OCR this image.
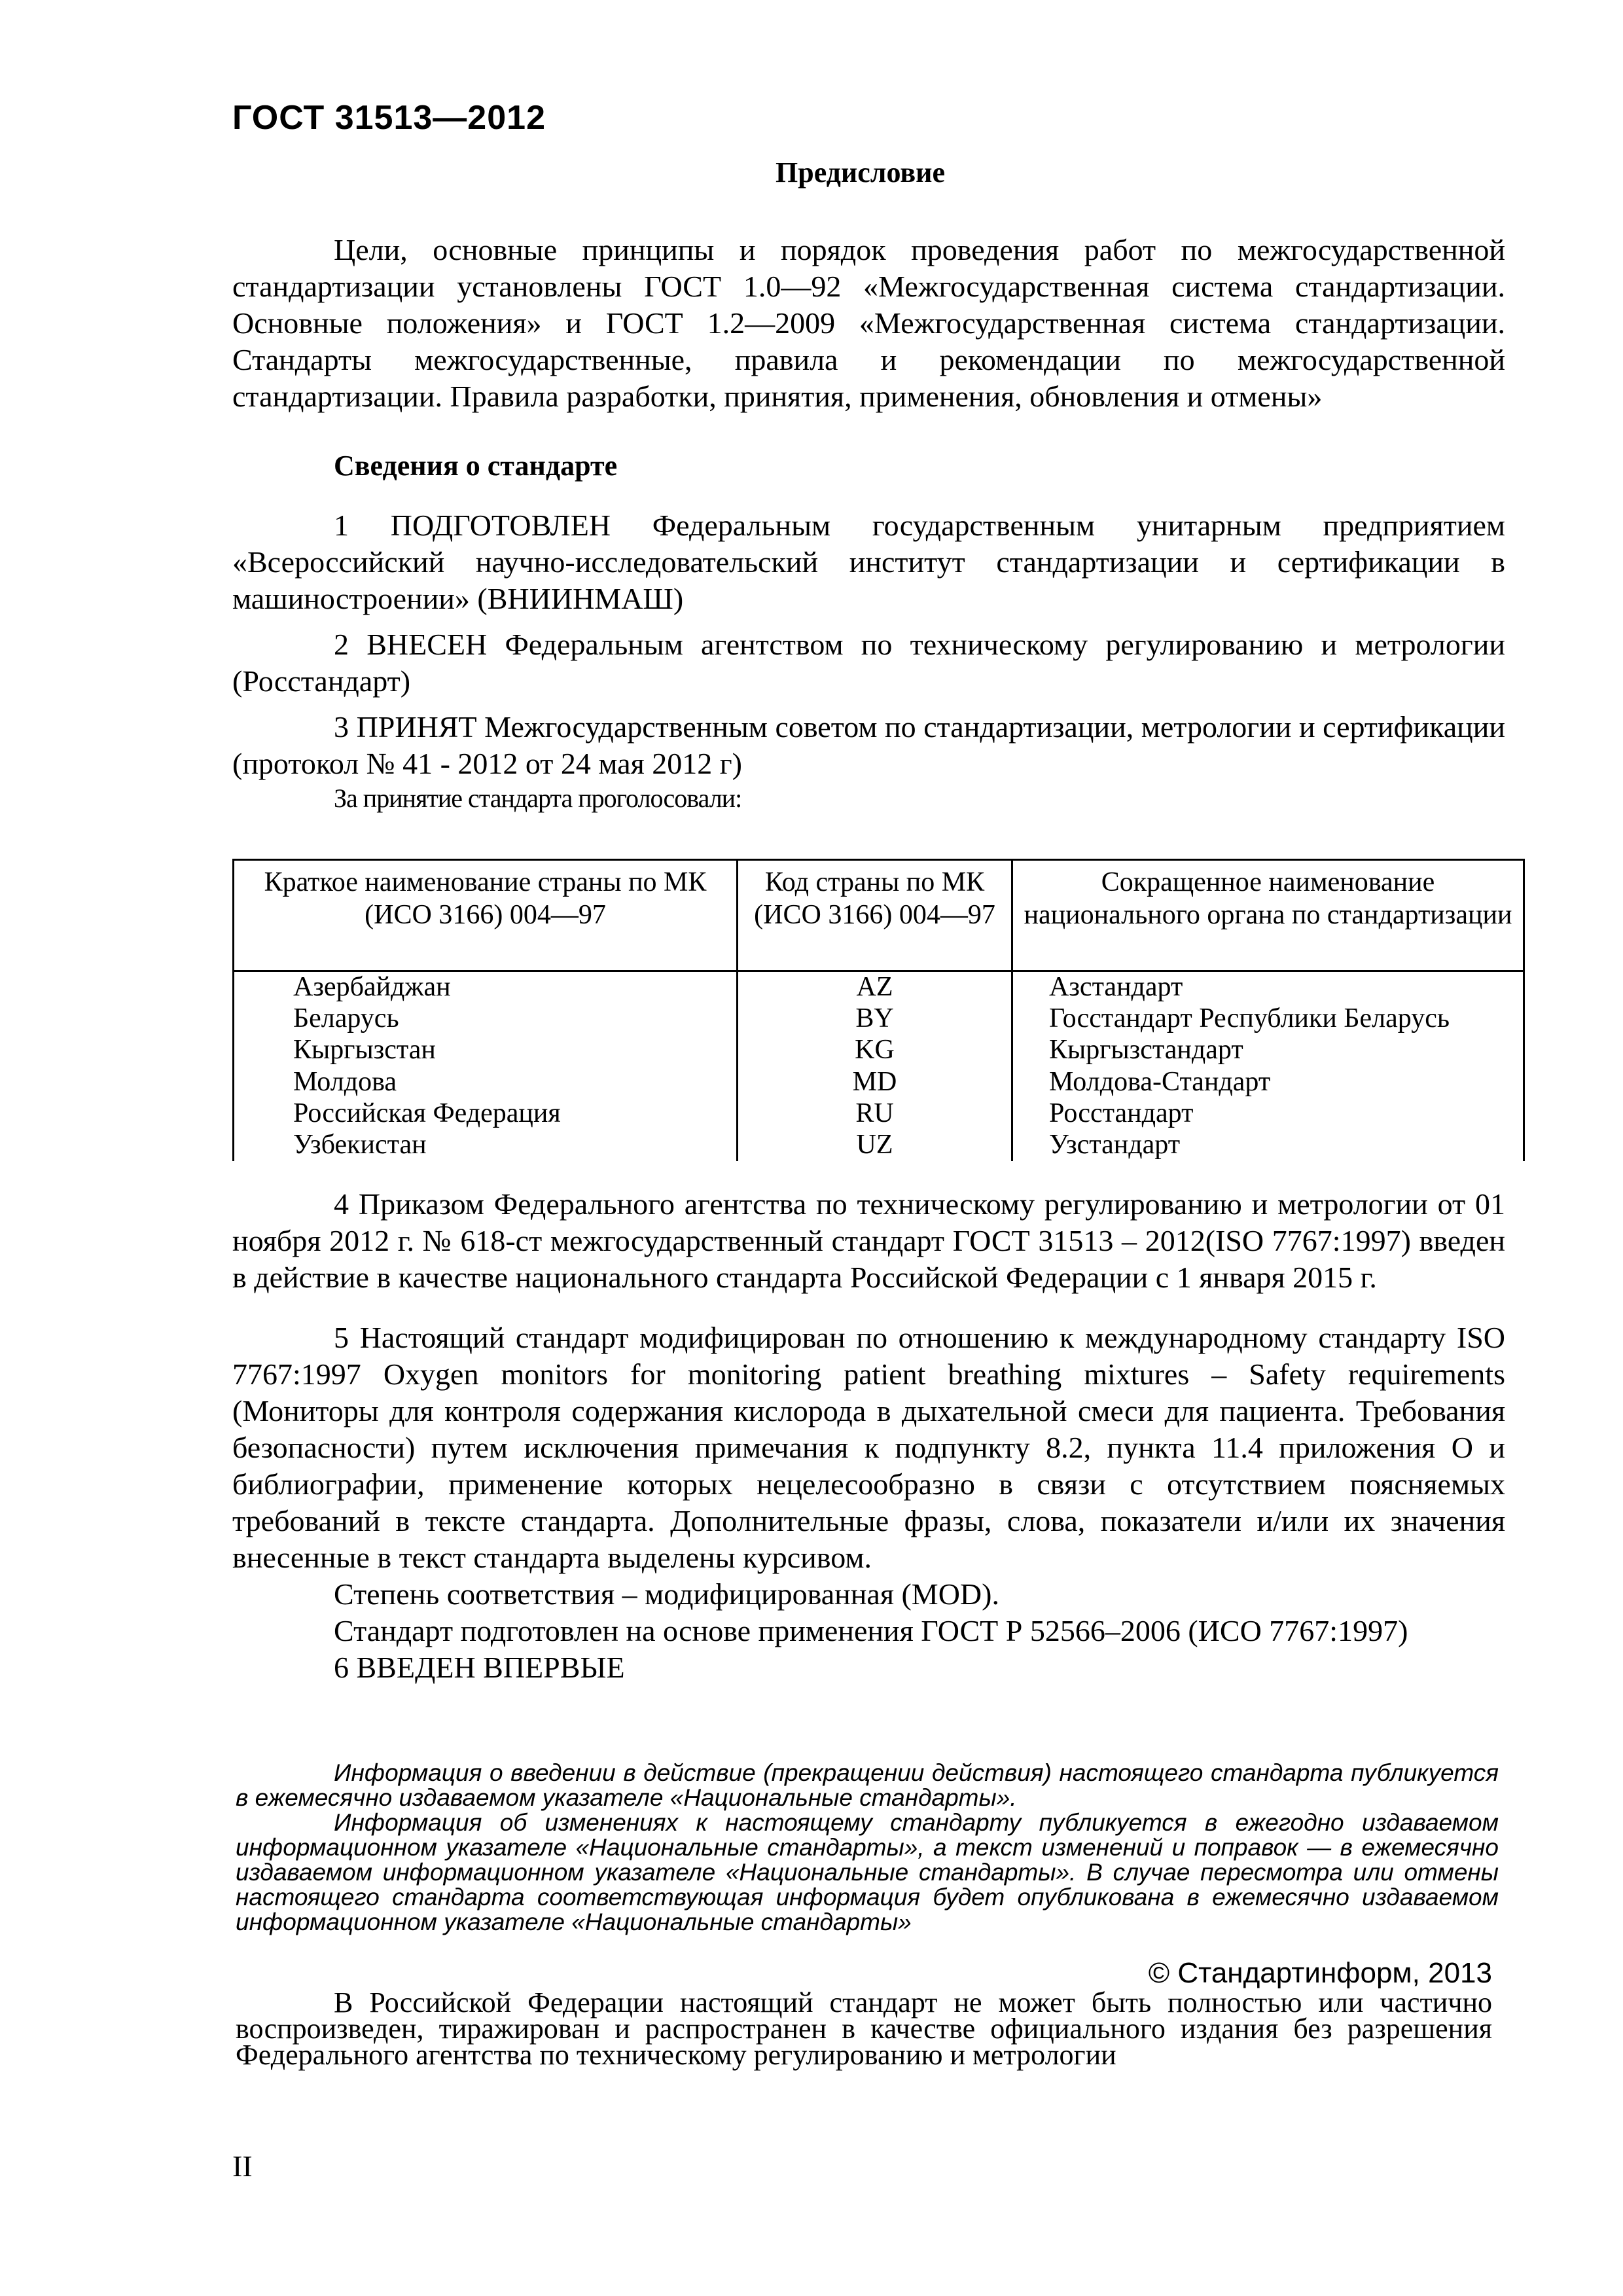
ГОСТ 31513—2012
Предисловие

Цели, основные принципы и порядок проведения работ по межгосударственной стандартизации установлены ГОСТ 1.0—92 «Межгосударственная система стандартизации. Основные положения» и ГОСТ 1.2—2009 «Межгосударственная система стандартизации. Стандарты межгосударственные, правила и рекомендации по межгосударственной стандартизации. Правила разработки, принятия, применения, обновления и отмены»

Сведения о стандарте

1 ПОДГОТОВЛЕН Федеральным государственным унитарным предприятием «Всероссийский научно-исследовательский институт стандартизации и сертификации в машиностроении» (ВНИИНМАШ)

2 ВНЕСЕН Федеральным агентством по техническому регулированию и метрологии (Росстандарт)

3 ПРИНЯТ Межгосударственным советом по стандартизации, метрологии и сертификации (протокол № 41 - 2012 от 24 мая 2012 г)

За принятие стандарта проголосовали:

Краткое наименование страны по МК (ИСО 3166) 004—97	Код страны по МК (ИСО 3166) 004—97	Сокращенное наименование национального органа по стандартизации
Азербайджан	AZ	Азстандарт
Беларусь	BY	Госстандарт Республики Беларусь
Кыргызстан	KG	Кыргызстандарт
Молдова	MD	Молдова-Стандарт
Российская Федерация	RU	Росстандарт
Узбекистан	UZ	Узстандарт

4 Приказом Федерального агентства по техническому регулированию и метрологии от 01 ноября 2012 г. № 618-ст межгосударственный стандарт ГОСТ 31513 – 2012(ISO 7767:1997) введен в действие в качестве национального стандарта Российской Федерации с 1 января 2015 г.

5 Настоящий стандарт модифицирован по отношению к международному стандарту ISO 7767:1997 Oxygen monitors for monitoring patient breathing mixtures – Safety requirements (Мониторы для контроля содержания кислорода в дыхательной смеси для пациента. Требования безопасности) путем исключения примечания к подпункту 8.2, пункта 11.4 приложения О и библиографии, применение которых нецелесообразно в связи с отсутствием поясняемых требований в тексте стандарта. Дополнительные фразы, слова, показатели и/или их значения внесенные в текст стандарта выделены курсивом.

Степень соответствия – модифицированная (MOD).

Стандарт подготовлен на основе применения ГОСТ Р 52566–2006 (ИСО 7767:1997)

6 ВВЕДЕН ВПЕРВЫЕ

Информация о введении в действие (прекращении действия) настоящего стандарта публикуется в ежемесячно издаваемом указателе «Национальные стандарты».

Информация об изменениях к настоящему стандарту публикуется в ежегодно издаваемом информационном указателе «Национальные стандарты», а текст изменений и поправок — в ежемесячно издаваемом информационном указателе «Национальные стандарты». В случае пересмотра или отмены настоящего стандарта соответствующая информация будет опубликована в ежемесячно издаваемом информационном указателе «Национальные стандарты»

© Стандартинформ, 2013

В Российской Федерации настоящий стандарт не может быть полностью или частично воспроизведен, тиражирован и распространен в качестве официального издания без разрешения Федерального агентства по техническому регулированию и метрологии

II
